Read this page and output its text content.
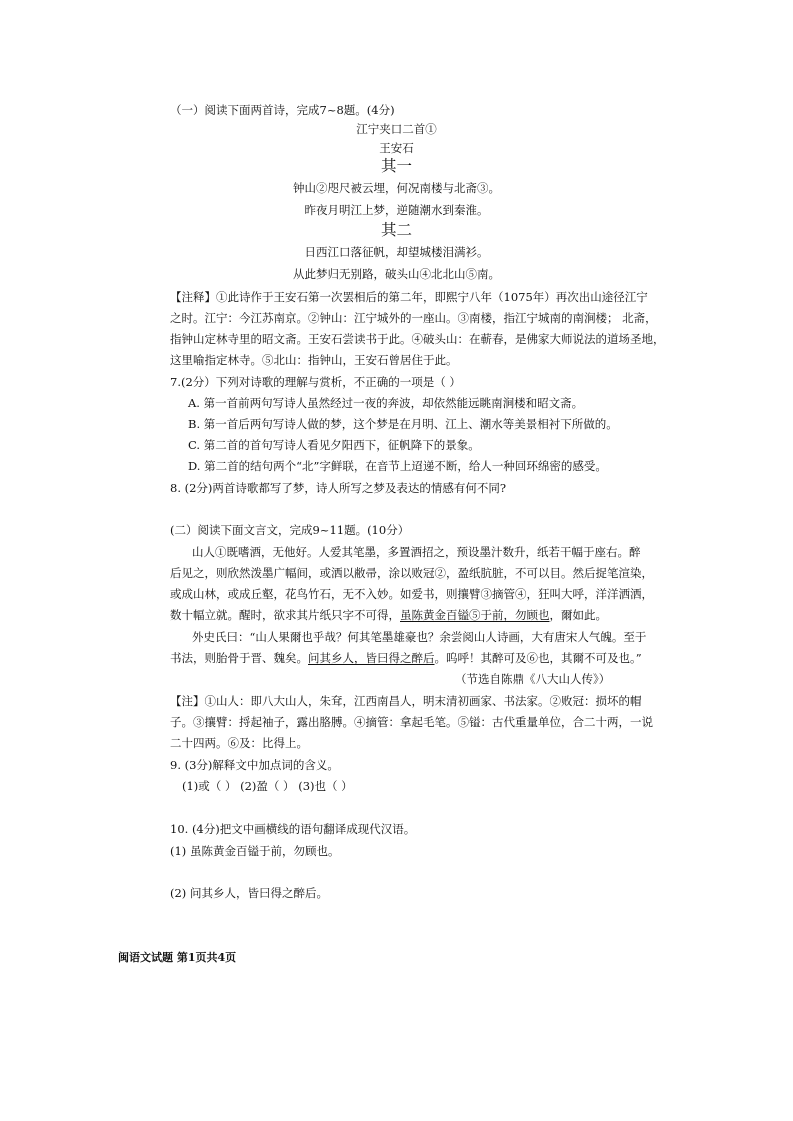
（一）阅读下面两首诗，完成7~8题。(4分)
江宁夹口二首①
王安石
其一
钟山②咫尺被云埋，何况南楼与北斋③。
昨夜月明江上梦，逆随潮水到秦淮。
其二
日西江口落征帆，却望城楼泪满衫。
从此梦归无别路，破头山④北北山⑤南。
【注释】①此诗作于王安石第一次罢相后的第二年，即熙宁八年（1075年）再次出山途径江宁
之时。江宁：今江苏南京。②钟山：江宁城外的一座山。③南楼，指江宁城南的南涧楼； 北斋，
指钟山定林寺里的昭文斋。王安石尝读书于此。④破头山：在蕲春，是佛家大师说法的道场圣地，
这里喻指定林寺。⑤北山：指钟山，王安石曾居住于此。
7.(2分）下列对诗歌的理解与赏析，不正确的一项是（ ）
A. 第一首前两句写诗人虽然经过一夜的奔波，却依然能远眺南涧楼和昭文斋。
B. 第一首后两句写诗人做的梦，这个梦是在月明、江上、潮水等美景相衬下所做的。
C. 第二首的首句写诗人看见夕阳西下，征帆降下的景象。
D. 第二首的结句两个“北”字鲜联，在音节上迢递不断，给人一种回环绵密的感受。
8. (2分)两首诗歌都写了梦，诗人所写之梦及表达的情感有何不同?
(二）阅读下面文言文，完成9~11题。(10分）
山人①既嗜酒，无他好。人爱其笔墨，多置酒招之，预设墨汁数升，纸若干幅于座右。醉
后见之，则欣然泼墨广幅间，或洒以敝帚，涂以败冠②，盈纸肮脏，不可以目。然后捉笔渲染，
或成山林，或成丘壑，花鸟竹石，无不入妙。如爱书，则攘臂③摘管④，狂叫大呼，洋洋洒洒，
数十幅立就。醒时，欲求其片纸只字不可得，虽陈黄金百镒⑤于前，勿顾也，爾如此。
外史氏曰：“山人果爾也乎哉？何其笔墨雄豪也？余尝阅山人诗画，大有唐宋人气魄。至于
书法，则胎骨于晋、魏矣。问其乡人，皆曰得之醉后。呜呼！其醉可及⑥也，其爾不可及也。”
（节选自陈鼎《八大山人传》）
【注】①山人：即八大山人，朱耷，江西南昌人，明末清初画家、书法家。②败冠：损坏的帽
子。③攘臂：捋起袖子，露出胳膊。④摘管：拿起毛笔。⑤镒：古代重量单位，合二十两，一说
二十四两。⑥及：比得上。
9. (3分)解释文中加点词的含义。
(1)或（ ） (2)盈（ ） (3)也（ ）
10. (4分)把文中画横线的语句翻译成现代汉语。
(1) 虽陈黄金百镒于前，勿顾也。
(2) 问其乡人，皆曰得之醉后。
闽语文试题 第1页共4页
